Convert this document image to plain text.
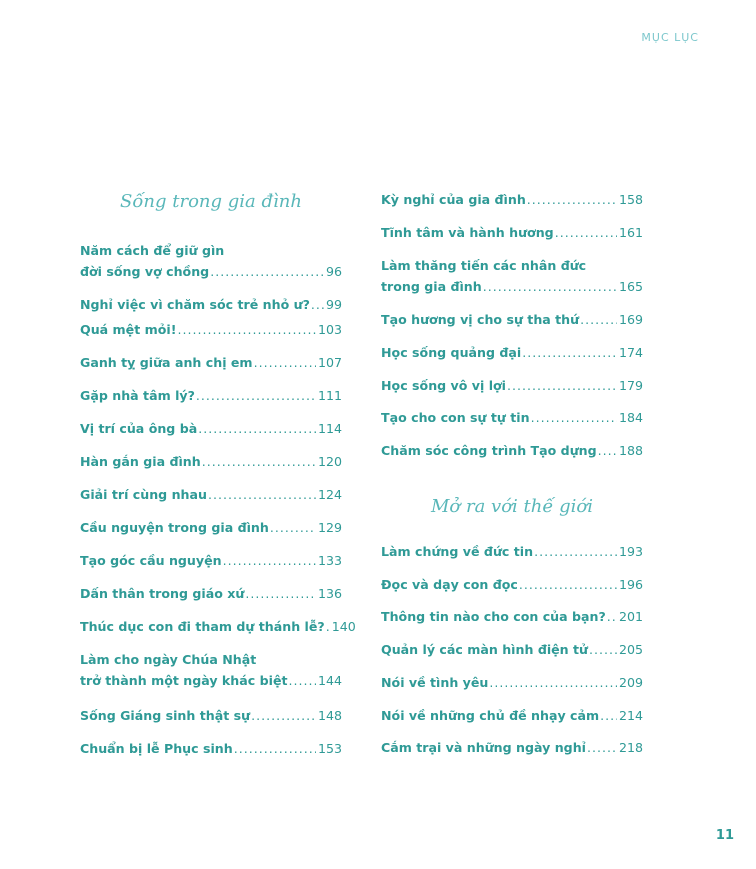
MỤC LỤC
Sống trong gia đình
Năm cách để giữ gìn
đời sống vợ chồng .....	96
Nghỉ việc vì chăm sóc trẻ nhỏ ư? ..... 99
Quá mệt mỏi! .....	103
Ganh tỵ giữa anh chị em .....	107
Gặp nhà tâm lý? .....	111
Vị trí của ông bà .....	114
Hàn gắn gia đình .....	120
Giải trí cùng nhau .....	124
Cầu nguyện trong gia đình .....	129
Tạo góc cầu nguyện .....	133
Dấn thân trong giáo xứ .....	136
Thúc dục con đi tham dự thánh lễ? ..... 140
Làm cho ngày Chúa Nhật
trở thành một ngày khác biệt ..... 144
Sống Giáng sinh thật sự .....	148
Chuẩn bị lễ Phục sinh .....	153
Kỳ nghỉ của gia đình .....	158
Tĩnh tâm và hành hương .....	161
Làm thăng tiến các nhân đức
trong gia đình .....	165
Tạo hương vị cho sự tha thứ .....	169
Học sống quảng đại .....	174
Học sống vô vị lợi .....	179
Tạo cho con sự tự tin .....	184
Chăm sóc công trình Tạo dựng ..... 188
Mở ra với thế giới
Làm chứng về đức tin .....	193
Đọc và dạy con đọc .....	196
Thông tin nào cho con của bạn? ..... 201
Quản lý các màn hình điện tử ..... 205
Nói về tình yêu .....	209
Nói về những chủ đề nhạy cảm ..... 214
Cắm trại và những ngày nghỉ .....	218
11
